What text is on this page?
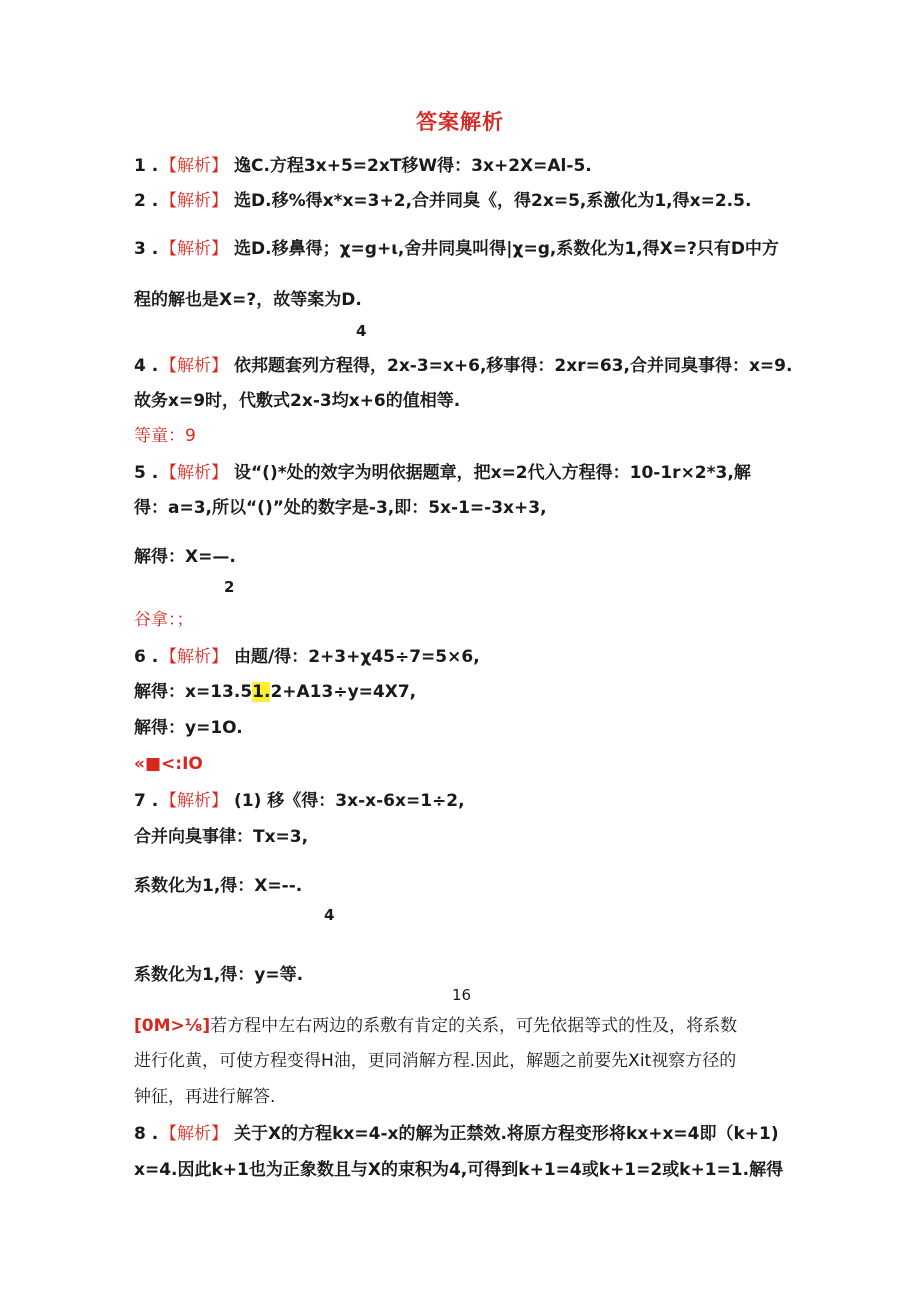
答案解析
1 . 【解析】 逸C.方程3x+5=2xT移W得：3x+2X=Al-5.
2 . 【解析】 选D.移%得x*x=3+2,合并同臭《，得2x=5,系激化为1,得x=2.5.
3 . 【解析】 选D.移鼻得；χ=g+ι,舍井同臭叫得|χ=g,系数化为1,得X=?只有D中方
程的解也是X=?，故等案为D.
4
4 . 【解析】 依邦题套列方程得，2x-3=x+6,移事得：2xr=63,合并同臭事得：x=9.
故务x=9时，代敷式2x-3均x+6的值相等.
等童：9
5 . 【解析】 设“()*处的效字为明依据题章，把x=2代入方程得：10-1r×2*3,解
得：a=3,所以“()”处的数字是-3,即：5x-1=-3x+3,
解得：X=—.
2
谷拿：；
6 . 【解析】 由题/得：2+3+χ45÷7=5×6,
解得：x=13.51.2+A13÷y=4X7,
解得：y=1O.
«■<:IO
7 . 【解析】 (1) 移《得：3x-x-6x=1÷2,
合并向臭事律：Tx=3,
系数化为1,得：X=--.
4
系数化为1,得：y=等.
16
[0M>⅛]若方程中左右两边的系敷有肯定的关系，可先依据等式的性及，将系数
进行化黄，可使方程变得H油，更同消解方程.因此，解题之前要先Xit视察方径的
钟征，再进行解答.
8 . 【解析】 关于X的方程kx=4-x的解为正禁效.将原方程变形将kx+x=4即（k+1)
x=4.因此k+1也为正象数且与X的束积为4,可得到k+1=4或k+1=2或k+1=1.解得
